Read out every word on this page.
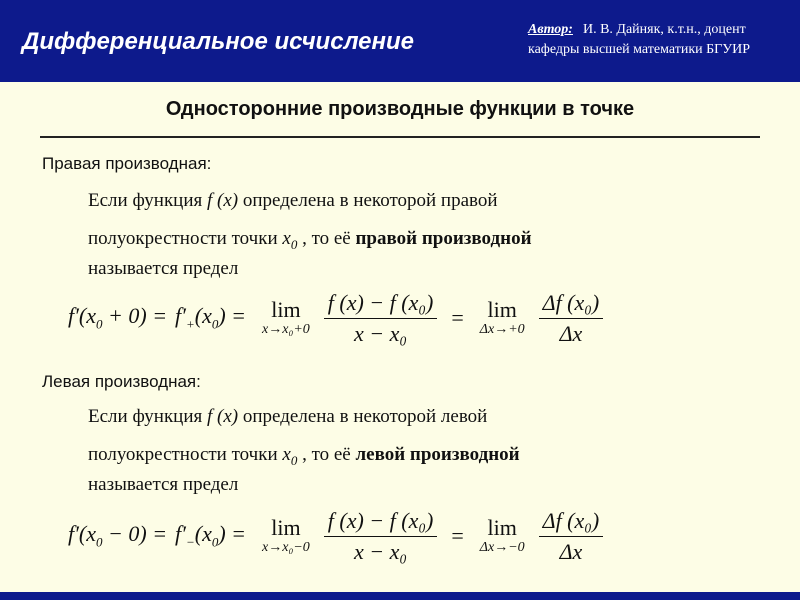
Дифференциальное исчисление	Автор: И. В. Дайняк, к.т.н., доцент
кафедры высшей математики БГУИР
Односторонние производные функции в точке
Правая производная:
Если функция f (x) определена в некоторой правой
полуокрестности точки $x_0$ , то её правой производной
называется предел
$f'(x_0 + 0) = f'_+(x_0) = \lim$
$x\to x_0+0 \frac{\text{f (x) − f (x₀)}}{\text{x − x₀}} = \lim$
$\Delta x\to+0 \frac{\text{Δf (x₀)}}{\Delta x}$
Левая производная:
Если функция f (x) определена в некоторой левой
полуокрестности точки $x_0$ , то её левой производной
называется предел
$f'(x_0 - 0) = f'_-(x_0) = \lim$
$x\to x_0-0 \frac{\text{f (x) − f (x₀)}}{\text{x − x₀}} = \lim$
$\Delta x\to-0 \frac{\text{Δf (x₀)}}{\Delta x}$
